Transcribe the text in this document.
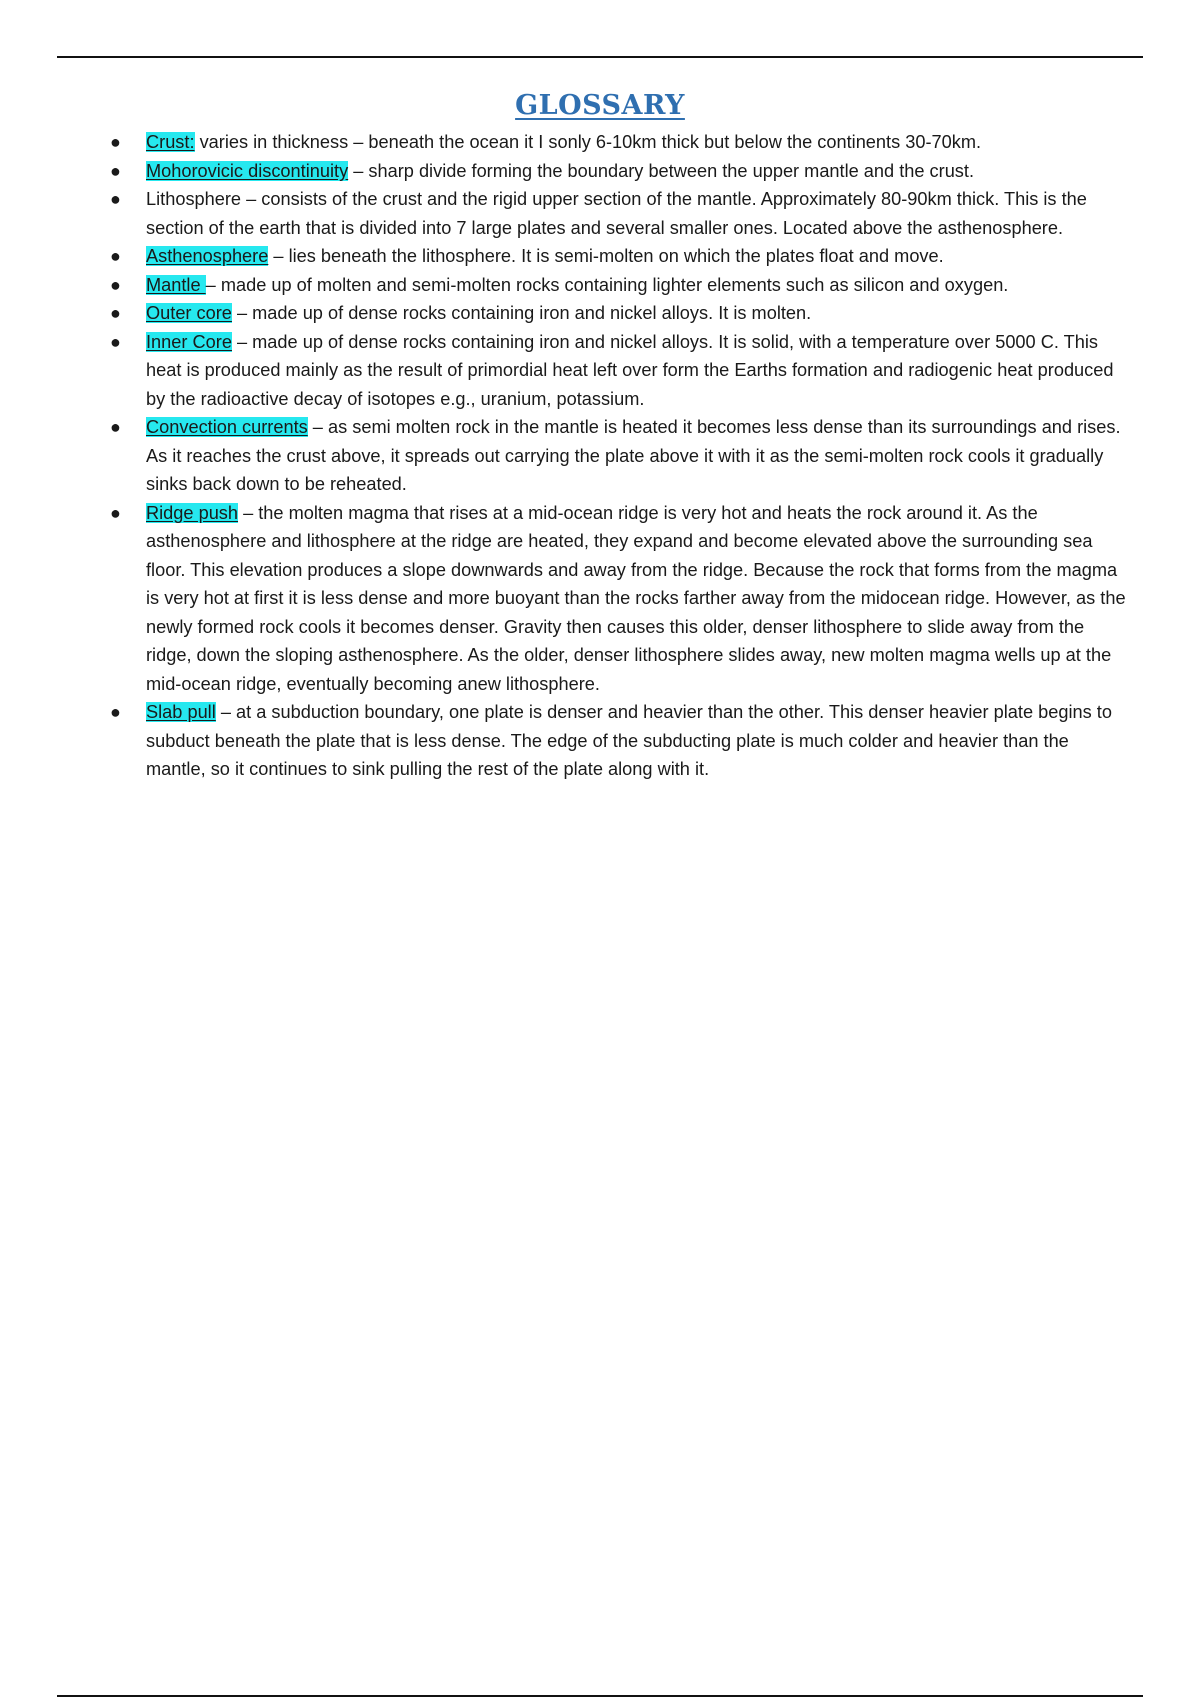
GLOSSARY
● Crust: varies in thickness – beneath the ocean it I sonly 6-10km thick but below the continents 30-70km.
● Mohorovicic discontinuity – sharp divide forming the boundary between the upper mantle and the crust.
● Lithosphere – consists of the crust and the rigid upper section of the mantle. Approximately 80-90km thick. This is the section of the earth that is divided into 7 large plates and several smaller ones. Located above the asthenosphere.
● Asthenosphere – lies beneath the lithosphere. It is semi-molten on which the plates float and move.
● Mantle – made up of molten and semi-molten rocks containing lighter elements such as silicon and oxygen.
● Outer core – made up of dense rocks containing iron and nickel alloys. It is molten.
● Inner Core – made up of dense rocks containing iron and nickel alloys. It is solid, with a temperature over 5000 C. This heat is produced mainly as the result of primordial heat left over form the Earths formation and radiogenic heat produced by the radioactive decay of isotopes e.g., uranium, potassium.
● Convection currents – as semi molten rock in the mantle is heated it becomes less dense than its surroundings and rises. As it reaches the crust above, it spreads out carrying the plate above it with it as the semi-molten rock cools it gradually sinks back down to be reheated.
● Ridge push – the molten magma that rises at a mid-ocean ridge is very hot and heats the rock around it. As the asthenosphere and lithosphere at the ridge are heated, they expand and become elevated above the surrounding sea floor. This elevation produces a slope downwards and away from the ridge. Because the rock that forms from the magma is very hot at first it is less dense and more buoyant than the rocks farther away from the midocean ridge. However, as the newly formed rock cools it becomes denser. Gravity then causes this older, denser lithosphere to slide away from the ridge, down the sloping asthenosphere. As the older, denser lithosphere slides away, new molten magma wells up at the mid-ocean ridge, eventually becoming anew lithosphere.
● Slab pull – at a subduction boundary, one plate is denser and heavier than the other. This denser heavier plate begins to subduct beneath the plate that is less dense. The edge of the subducting plate is much colder and heavier than the mantle, so it continues to sink pulling the rest of the plate along with it.
